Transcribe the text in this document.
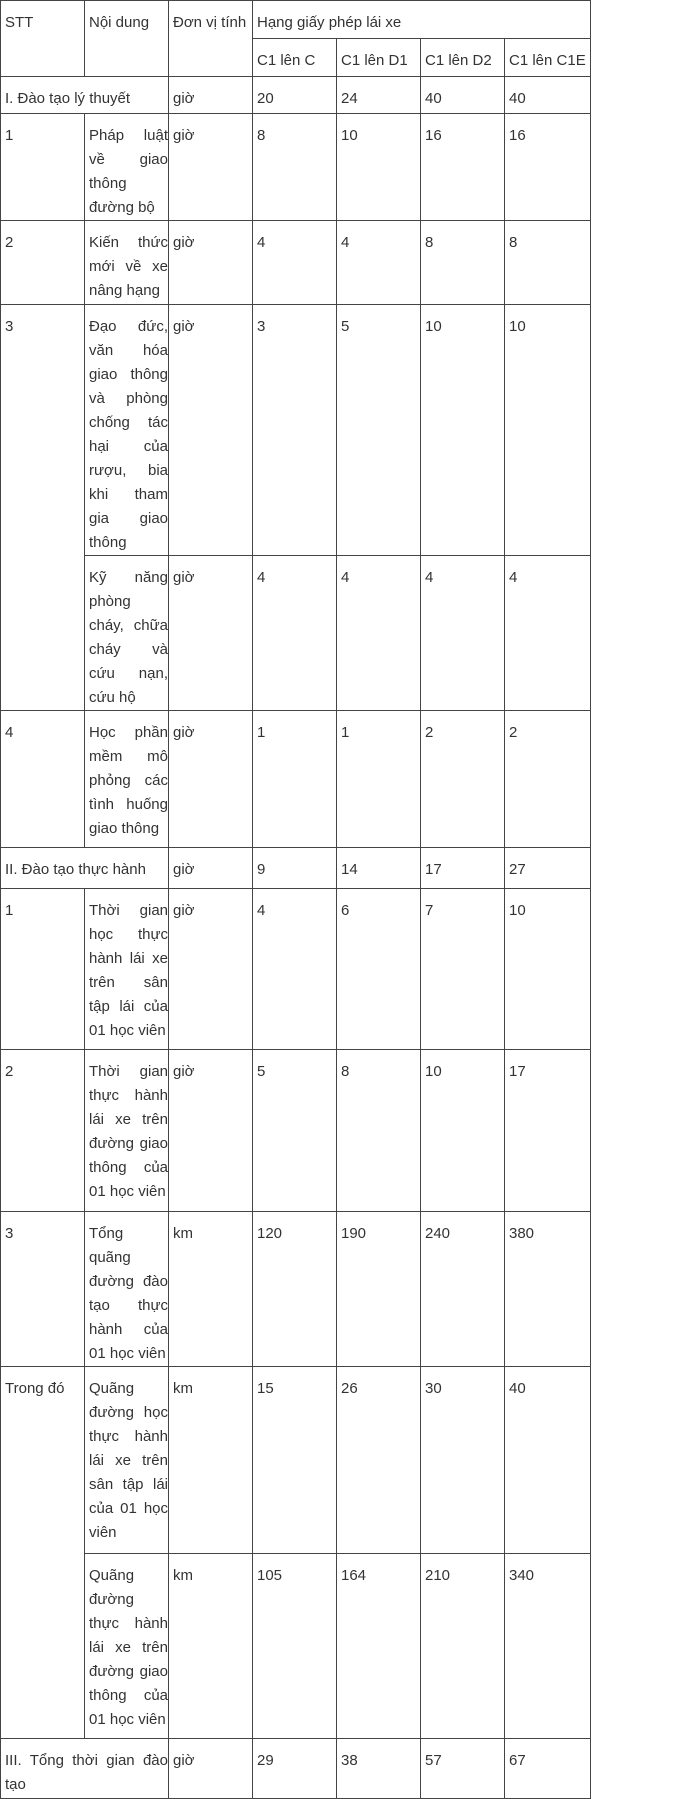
STT	Nội dung	Đơn vị tính	Hạng giấy phép lái xe			
			C1 lên C	C1 lên D1	C1 lên D2	C1 lên C1E
I. Đào tạo lý thuyết		giờ	20	24	40	40
1	Pháp luật về giao thông đường bộ	giờ	8	10	16	16
2	Kiến thức mới về xe nâng hạng	giờ	4	4	8	8
3	Đạo đức, văn hóa giao thông và phòng chống tác hại của rượu, bia khi tham gia giao thông	giờ	3	5	10	10
	Kỹ năng phòng cháy, chữa cháy và cứu nạn, cứu hộ	giờ	4	4	4	4
4	Học phần mềm mô phỏng các tình huống giao thông	giờ	1	1	2	2
II. Đào tạo thực hành		giờ	9	14	17	27
1	Thời gian học thực hành lái xe trên sân tập lái của 01 học viên	giờ	4	6	7	10
2	Thời gian thực hành lái xe trên đường giao thông của 01 học viên	giờ	5	8	10	17
3	Tổng quãng đường đào tạo thực hành của 01 học viên	km	120	190	240	380
Trong đó	Quãng đường học thực hành lái xe trên sân tập lái của 01 học viên	km	15	26	30	40
	Quãng đường thực hành lái xe trên đường giao thông của 01 học viên	km	105	164	210	340
III. Tổng thời gian đào tạo		giờ	29	38	57	67
